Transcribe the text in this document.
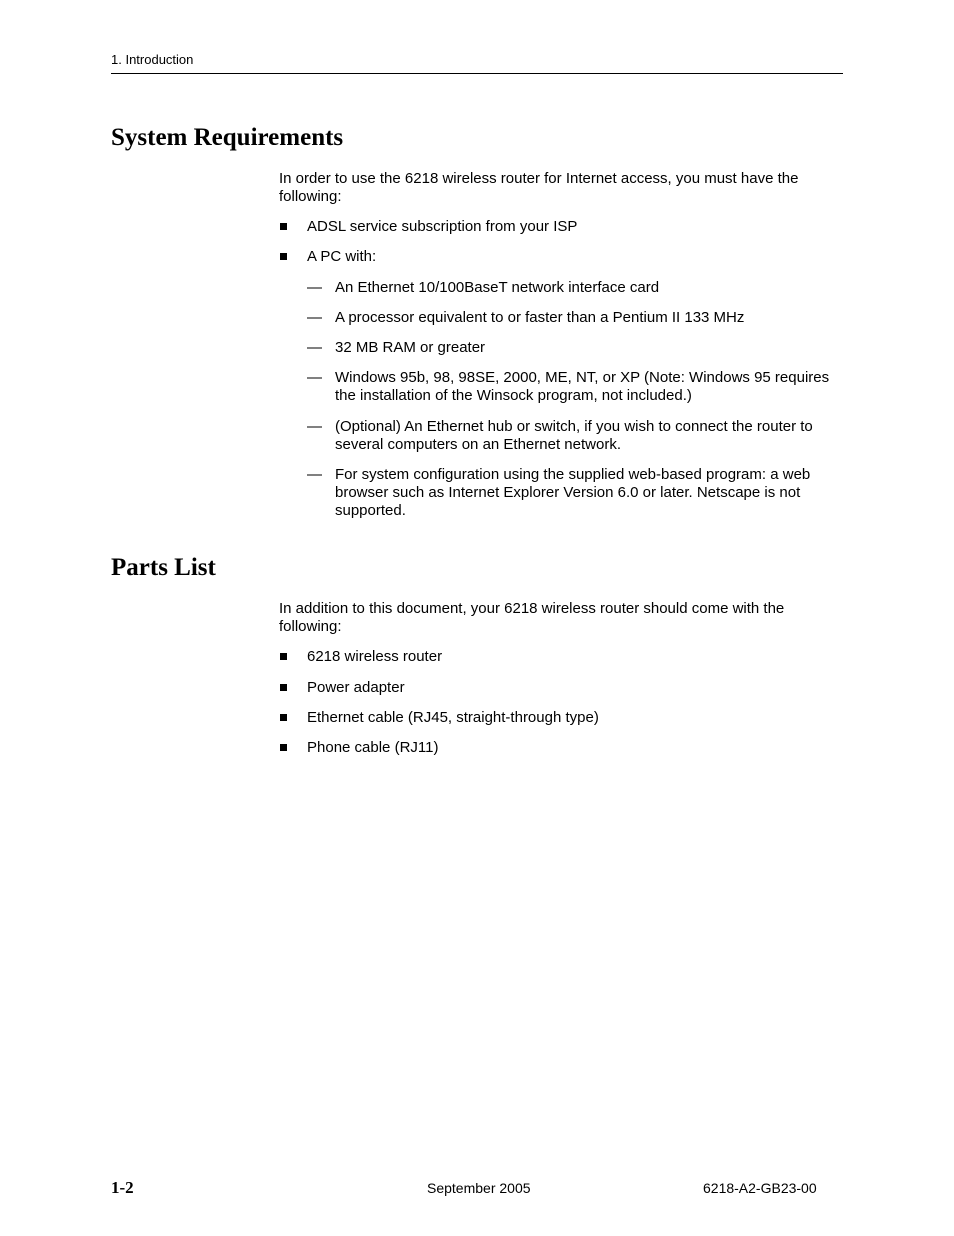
1. Introduction
System Requirements

In order to use the 6218 wireless router for Internet access, you must have the following:

ADSL service subscription from your ISP
A PC with:
— An Ethernet 10/100BaseT network interface card
— A processor equivalent to or faster than a Pentium II 133 MHz
— 32 MB RAM or greater
— Windows 95b, 98, 98SE, 2000, ME, NT, or XP (Note: Windows 95 requires the installation of the Winsock program, not included.)
— (Optional) An Ethernet hub or switch, if you wish to connect the router to several computers on an Ethernet network.
— For system configuration using the supplied web-based program: a web browser such as Internet Explorer Version 6.0 or later. Netscape is not supported.
Parts List

In addition to this document, your 6218 wireless router should come with the following:

6218 wireless router
Power adapter
Ethernet cable (RJ45, straight-through type)
Phone cable (RJ11)
1-2	September 2005	6218-A2-GB23-00
